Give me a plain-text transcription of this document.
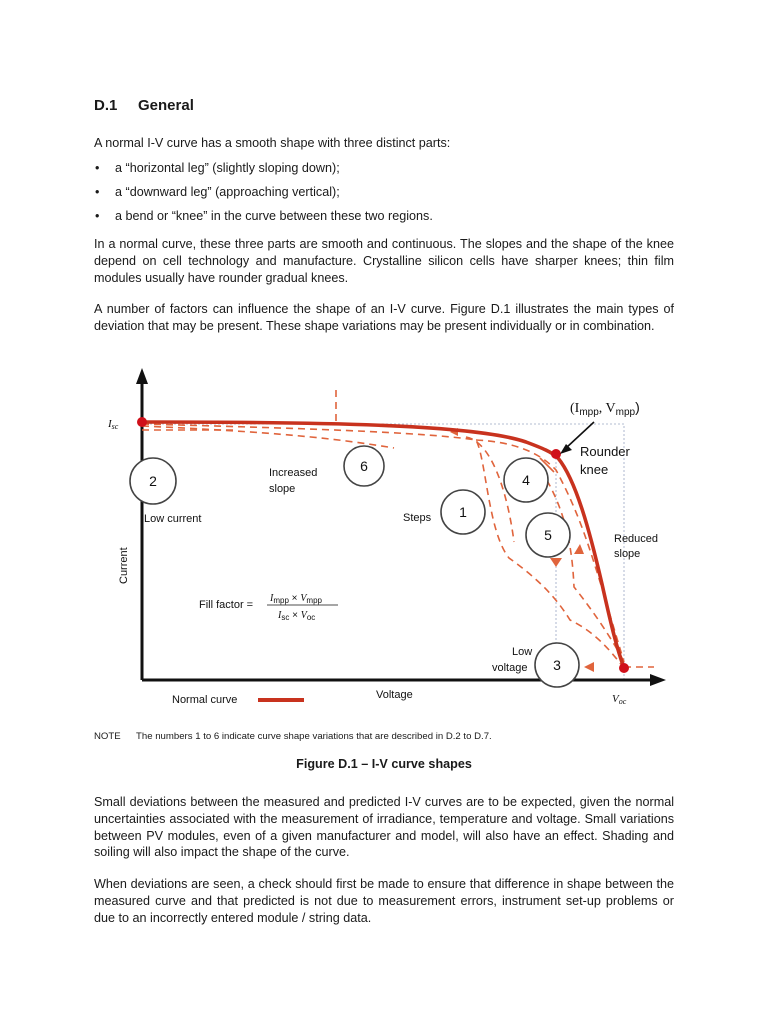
D.1 General
A normal I-V curve has a smooth shape with three distinct parts:
• a “horizontal leg” (slightly sloping down);
• a “downward leg” (approaching vertical);
• a bend or “knee” in the curve between these two regions.
In a normal curve, these three parts are smooth and continuous. The slopes and the shape of the knee depend on cell technology and manufacture. Crystalline silicon cells have sharper knees; thin film modules usually have rounder gradual knees.
A number of factors can influence the shape of an I-V curve. Figure D.1 illustrates the main types of deviation that may be present. These shape variations may be present individually or in combination.
($I_{mpp}$, $V_{mpp}$)
Rounder
knee
Isc
Voc
2
6
1
4
5
3
Low current
Increased
slope
Steps
Reduced
slope
Low
voltage
Current
Voltage
Fill factor =
$I_{mpp} \times V_{mpp}$
$I_{sc} \times V_{oc}$
Normal curve
NOTE The numbers 1 to 6 indicate curve shape variations that are described in D.2 to D.7.
Figure D.1 – I-V curve shapes
Small deviations between the measured and predicted I-V curves are to be expected, given the normal uncertainties associated with the measurement of irradiance, temperature and voltage. Small variations between PV modules, even of a given manufacturer and model, will also have an effect. Shading and soiling will also impact the shape of the curve.
When deviations are seen, a check should first be made to ensure that difference in shape between the measured curve and that predicted is not due to measurement errors, instrument set-up problems or due to an incorrectly entered module / string data.
